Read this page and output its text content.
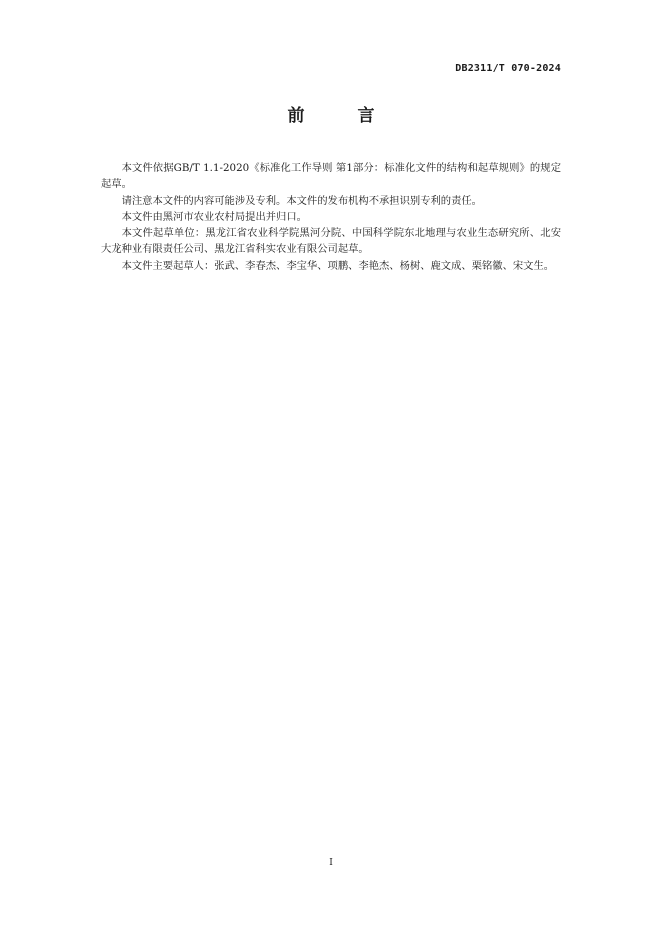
DB2311/T 070-2024
前　言

本文件依据GB/T 1.1-2020《标准化工作导则 第1部分：标准化文件的结构和起草规则》的规定起草。

请注意本文件的内容可能涉及专利。本文件的发布机构不承担识别专利的责任。

本文件由黑河市农业农村局提出并归口。

本文件起草单位：黑龙江省农业科学院黑河分院、中国科学院东北地理与农业生态研究所、北安大龙种业有限责任公司、黑龙江省科实农业有限公司起草。

本文件主要起草人：张武、李春杰、李宝华、项鹏、李艳杰、杨树、鹿文成、栗铭徽、宋文生。

I
